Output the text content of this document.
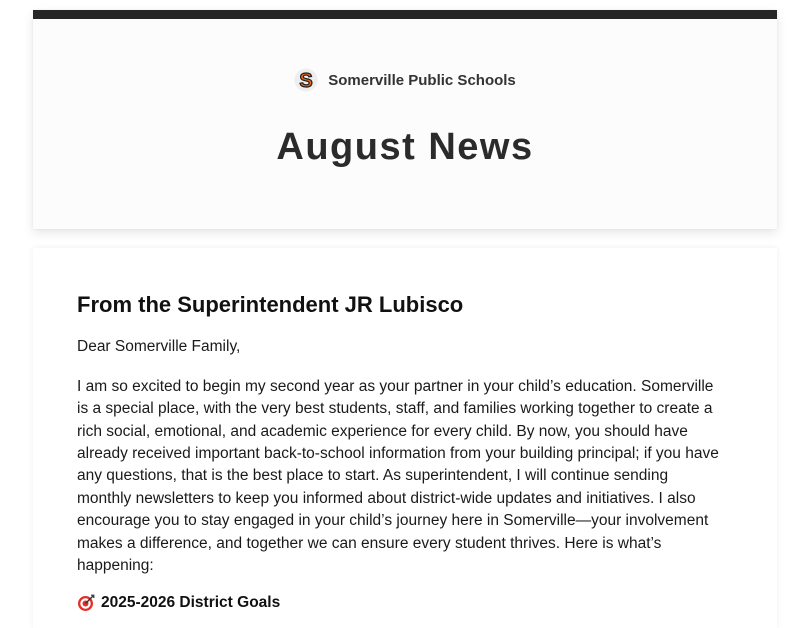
S Somerville Public Schools
August News
From the Superintendent JR Lubisco

Dear Somerville Family,

I am so excited to begin my second year as your partner in your child’s education. Somerville is a special place, with the very best students, staff, and families working together to create a rich social, emotional, and academic experience for every child. By now, you should have already received important back-to-school information from your building principal; if you have any questions, that is the best place to start. As superintendent, I will continue sending monthly newsletters to keep you informed about district-wide updates and initiatives. I also encourage you to stay engaged in your child’s journey here in Somerville—your involvement makes a difference, and together we can ensure every student thrives. Here is what’s happening:

2025-2026 District Goals
